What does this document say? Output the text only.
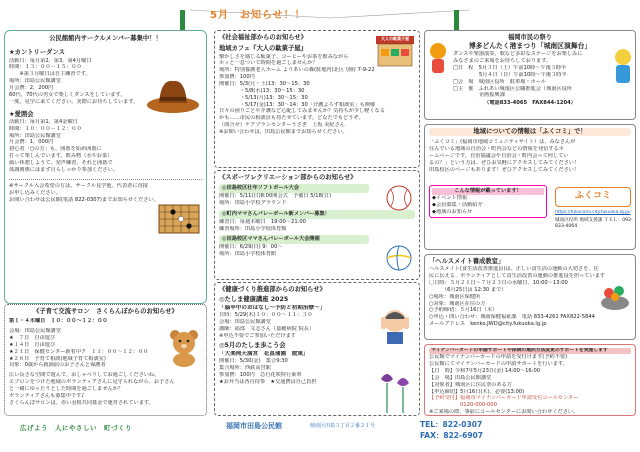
5月　お知らせ！！
公民館館内サークルメンバー募集中！！
★カントリーダンス
活動日：毎月第2、第3、第4月曜日
時間：１３：００－１５：００
　　※第３月曜日は自主練習です。
場所：田島公民館講堂
月会費：2，200円
60代、70代の男女で楽しくダンスをしています。
一度、見学に来てください。実際にお待ちしています。
★愛囲会
活動日：毎月第1、第4金曜日
時間：１０：００－１２：００
場所：田島公民館講堂
月会費：1，000円
初心者「○の方」も、囲碁を始め囲碁に
打って楽しんでいます。飲み物（水やお茶）
顔い休憩しようて、発声練習、それと囲碁で
体調関係にはまず自らしっかり参加ください。
※サークル入会希望の方は、サークル見学他、代表者に直接
お申し込みください。
お問い合わせは公民館(電話 822-0307)までお知らせください。
《子育て交流サロン　さくらんぼからのお知らせ》
第１・４木曜日　１０：００～１２：００
会場：田島公民館講堂
★　７日　自由遊び
★１４日　自由遊び
★２１日　保健センター新着中ク　１１：００～１２：００
★２８日　子育て相談(地域子育て相談室)
対象：0歳から就園前のお子さんと保護者
広い長さな空間で遊んで、おしゃべりしてお過ごしくださいね。
エプロンをつけた地域のボランティアさんに見守られながら、お子さん
と一緒にゆったりとした時間を過ごしませんか？
ボランティアさんも募集中です♪
さくらんぼサロンは、赤い羽根共同募金で運営されています。
《社会福祉部からのお知らせ》
地域カフェ『大人の駄菓子屋』
懐かしさを感じる駄菓子、コーヒーやお茶を飲みながら
ホッと一息ついて時間を過ごしませんか？
場所：特別養護老人ホーム よりあいの森(駐地内)北区 別府 7-9-22
参加費：100円
開催日：5/3(月・土)13：30～15：30
　　　　・5/8(水)13：30～15：30
　　　　・5/13(月)13：30～15：30
　　　　・5/17(金)13：30～14：30「介護よろず相談室」も開催
日々の困りごとや介護など心配してみませんか？気持ちが少し軽くなる
かも……市民の相談員も持たせています。どなたでもどうぞ。
（問合せ）ケアプランセンターうさぎ　上坂 美紀さん
※お問い合わせは、田島公民館までお知らせください。
大人の駄菓子屋
《スポーツレクリエーション部からのお知らせ》
◎田島校区壮年ソフトボール大会
開催日：5/11(日)8:00開会式　予備日 5/18(日)
場所：田島小学校グラウンド
◎町内ママさんバレーボール新メンバー募集！
練習日：毎週木曜日　19:00～21:00
練習場所：田島小学校体育館
◎田島校区ママさんバレーボール大会開催
開催日：6/29(日) 9：00～
場所：田島小学校体育館
《健康づくり推進部からのお知らせ》
◎たしま健康講座 2025
「脳卒中のおはなし～予防と初期治療～」
日時：5/29(木)１０：００～１１：３０
会場：田島公民館講堂
講師：福部　文志さん（嘉穂病院 院長）
※申込不要でご参加いただけます
◎5月のたしま歩こう会
「大楽岡天満宮　花菖蒲園　散策」
開催日：5/30(金)　集合9:30
集合場所：西鉄高宮駅
参加費：100円　急行花咲特行乗車
★お弁当は各自持参　★交通費は自己負担
福岡市民の祭り
博多どんたく港まつり「城南区演舞台」
ダンスや楽器演奏、歌など多彩なステージをお楽しみに
みなさまのご来場をお待ちしております。
□日　程　5月３日（土）午前10時～午後３時半
　　　　　5月４日（日）午前10時～午後３時半
□会　場　城南区役所　駐車場・ホール
□主　催　ふれあい城南区公職推進会（城南区役所
　　　　　企画振興課
（電話833-4065　FAX844-1204）
地域についての情報は「ふくコミ」で！
「ふくコミ」(福岡市地域コミュニティサイト）は、みなさんが
住んでいる地域の自治会・町内会などの情報を発信するホ
ームページです。自治協議会や自治会・町内会って何してい
るの？」という方は、ぜひお気軽にアクセスしてみてください！
田島校区のページもあります！ぜひアクセスしてみてください！
こんな情報が載っています！
◆イベント情報
◆会員募集・活動紹介
◆地域のお知らせ
ふくコミ
https://fukucomi.city.fukuoka.lg.jp/
城南区役所 地域支援課 ＴＥＬ：092-833-4064
「ヘルスメイト養成教室」
ヘルスメイト(食生活改善推進員)は、正しい食生活の運動の大切さを、住
民に伝える、ボランティアとして食生活改善の運動の推進役を担っています
〇日時：５月２１日～７月２３日の水曜日、10:00～13:00
　　　（6月25日は 12:30 まで）
○場所：城南区保健所
○対象：城南区在住の方
○予約締切：５月16日（木）
○申込・問い合わせ：城南保健福祉課　電話 833-4261 FAX822-5844
メールアドレス　kenko.JWD@city.fukuoka.lg.jp
マイナンバーカードの申請サポートや保険の選択方法変更のサポートを実施します
公民館でマイナンバーカードの申請を受付けます(予約不要)
公民館にてマイナンバーカードの申請サポートを行います。
【日　時】令和7年5月23日(金) 14:00～16:00
【会　場】田島公民館講堂
【対象者】城南区に住民票のある方
【申込締切】5月16日(木)、必要(13:00)
【予約受付】福岡市マイナンバーカード申請受付コールセンター
　　　　　　0120-000-000
※ご来場の際、事前にコールセンターにお問い合わせください。
広げよう　人にやさしい　町づくり	福岡市田島公民館	城南区田島３丁目２番２１号	TEL：822-0307
FAX：822-6907
